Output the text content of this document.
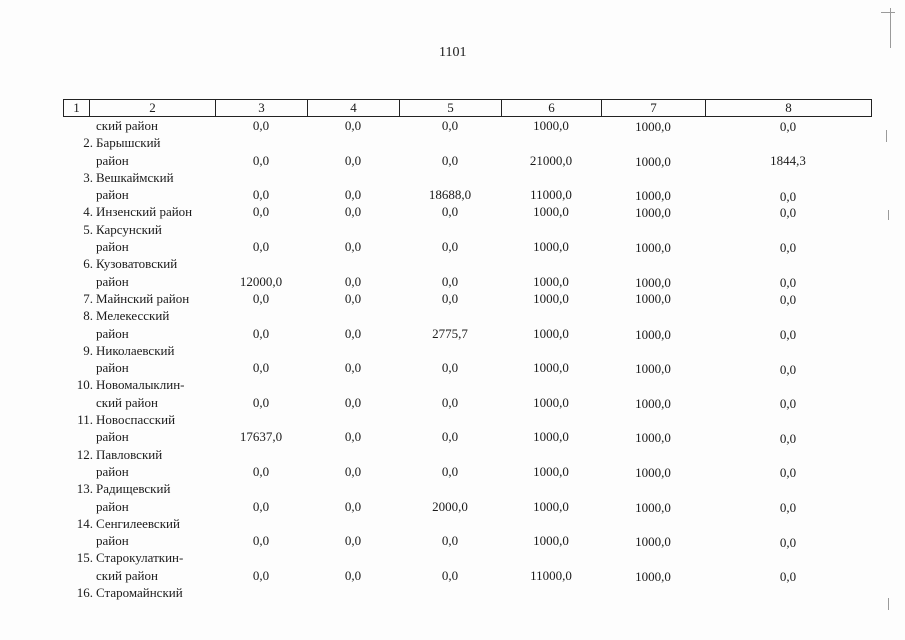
1101
1	2	3	4	5	6	7	8
ский район	0,0	0,0	0,0	1000,0	1000,0	0,0
2. Барышский
район	0,0	0,0	0,0	21000,0	1000,0	1844,3
3. Вешкаймский
район	0,0	0,0	18688,0	11000,0	1000,0	0,0
4. Инзенский район	0,0	0,0	0,0	1000,0	1000,0	0,0
5. Карсунский
район	0,0	0,0	0,0	1000,0	1000,0	0,0
6. Кузоватовский
район	12000,0	0,0	0,0	1000,0	1000,0	0,0
7. Майнский район	0,0	0,0	0,0	1000,0	1000,0	0,0
8. Мелекесский
район	0,0	0,0	2775,7	1000,0	1000,0	0,0
9. Николаевский
район	0,0	0,0	0,0	1000,0	1000,0	0,0
10. Новомалыклин-
ский район	0,0	0,0	0,0	1000,0	1000,0	0,0
11. Новоспасский
район	17637,0	0,0	0,0	1000,0	1000,0	0,0
12. Павловский
район	0,0	0,0	0,0	1000,0	1000,0	0,0
13. Радищевский
район	0,0	0,0	2000,0	1000,0	1000,0	0,0
14. Сенгилеевский
район	0,0	0,0	0,0	1000,0	1000,0	0,0
15. Старокулаткин-
ский район	0,0	0,0	0,0	11000,0	1000,0	0,0
16. Старомайнский
